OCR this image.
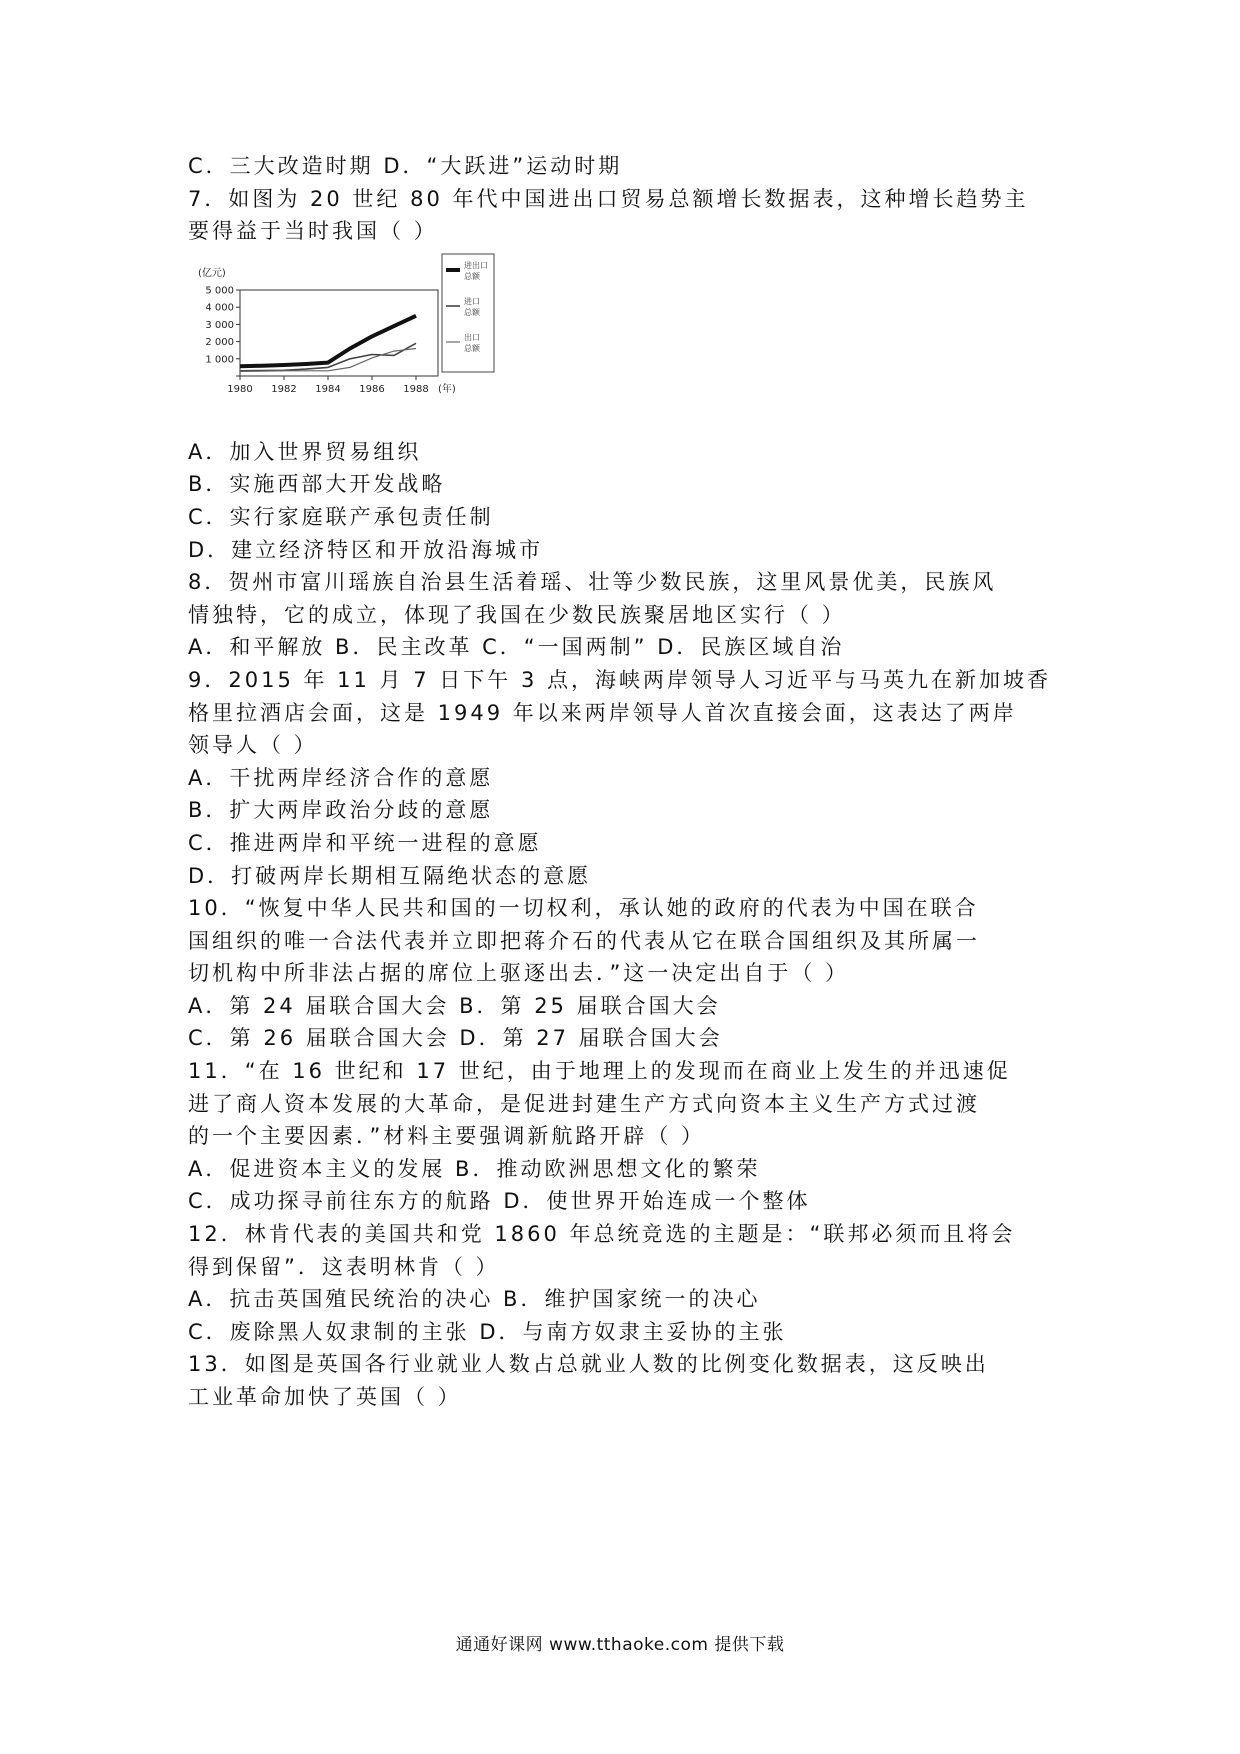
C．三大改造时期 D．“大跃进”运动时期
7．如图为 20 世纪 80 年代中国进出口贸易总额增长数据表，这种增长趋势主
要得益于当时我国（ ）
(亿元)
5 000
4 000
3 000
2 000
1 000
1980 1982 1984 1986 1988 (年)
进出口
总额
进口
总额
出口
总额
A．加入世界贸易组织
B．实施西部大开发战略
C．实行家庭联产承包责任制
D．建立经济特区和开放沿海城市
8．贺州市富川瑶族自治县生活着瑶、壮等少数民族，这里风景优美，民族风
情独特，它的成立，体现了我国在少数民族聚居地区实行（ ）
A．和平解放 B．民主改革 C．“一国两制” D．民族区域自治
9．2015 年 11 月 7 日下午 3 点，海峡两岸领导人习近平与马英九在新加坡香
格里拉酒店会面，这是 1949 年以来两岸领导人首次直接会面，这表达了两岸
领导人（ ）
A．干扰两岸经济合作的意愿
B．扩大两岸政治分歧的意愿
C．推进两岸和平统一进程的意愿
D．打破两岸长期相互隔绝状态的意愿
10．“恢复中华人民共和国的一切权利，承认她的政府的代表为中国在联合
国组织的唯一合法代表并立即把蒋介石的代表从它在联合国组织及其所属一
切机构中所非法占据的席位上驱逐出去．”这一决定出自于（ ）
A．第 24 届联合国大会 B．第 25 届联合国大会
C．第 26 届联合国大会 D．第 27 届联合国大会
11．“在 16 世纪和 17 世纪，由于地理上的发现而在商业上发生的并迅速促
进了商人资本发展的大革命，是促进封建生产方式向资本主义生产方式过渡
的一个主要因素．”材料主要强调新航路开辟（ ）
A．促进资本主义的发展 B．推动欧洲思想文化的繁荣
C．成功探寻前往东方的航路 D．使世界开始连成一个整体
12．林肯代表的美国共和党 1860 年总统竞选的主题是：“联邦必须而且将会
得到保留”．这表明林肯（ ）
A．抗击英国殖民统治的决心 B．维护国家统一的决心
C．废除黑人奴隶制的主张 D．与南方奴隶主妥协的主张
13．如图是英国各行业就业人数占总就业人数的比例变化数据表，这反映出
工业革命加快了英国（ ）
通通好课网 www.tthaoke.com 提供下载
